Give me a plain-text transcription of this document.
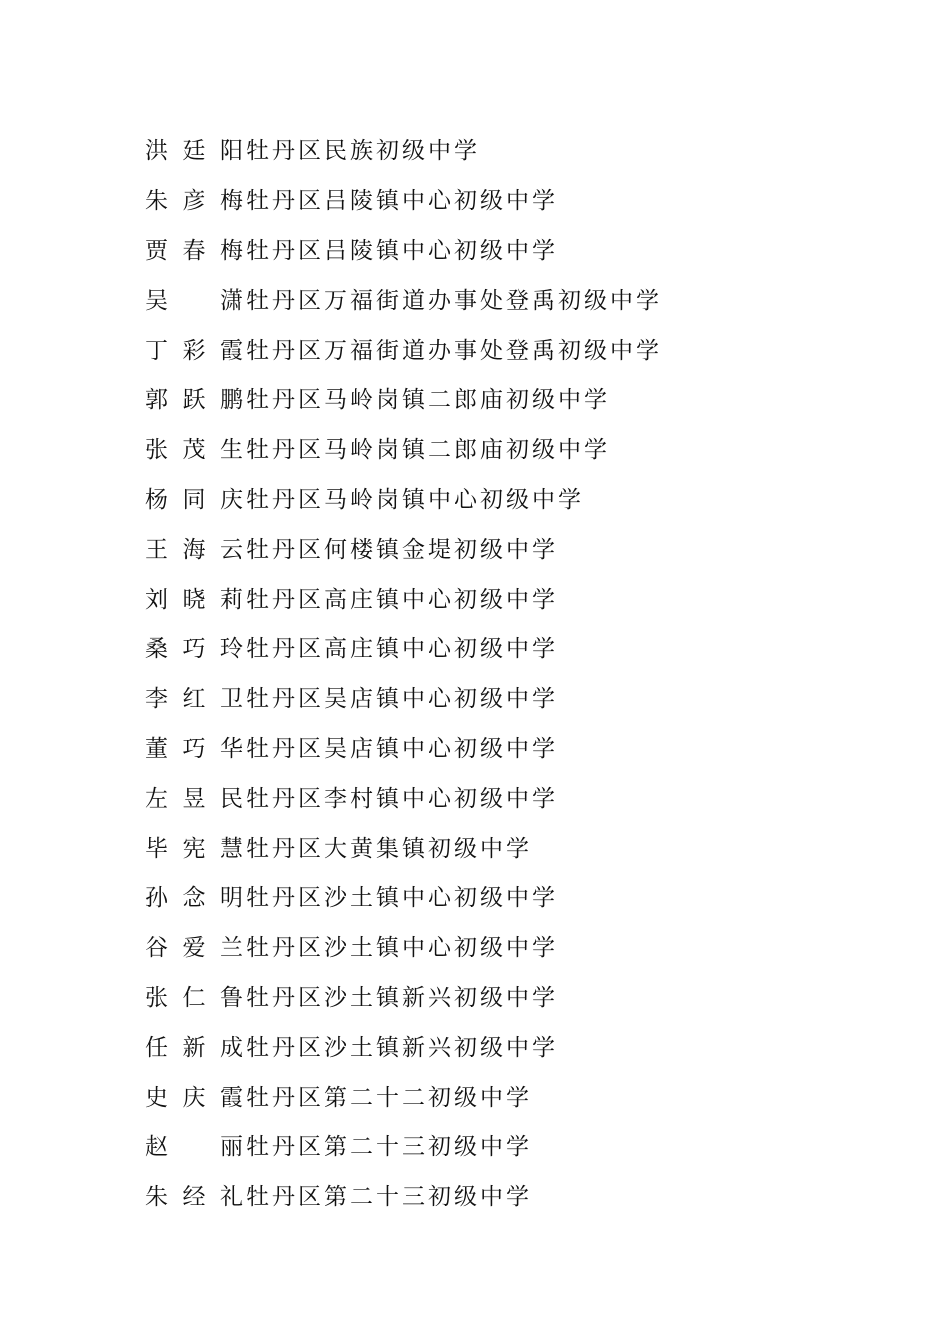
洪廷阳 牡丹区民族初级中学
朱彦梅 牡丹区吕陵镇中心初级中学
贾春梅 牡丹区吕陵镇中心初级中学
吴　潇 牡丹区万福街道办事处登禹初级中学
丁彩霞 牡丹区万福街道办事处登禹初级中学
郭跃鹏 牡丹区马岭岗镇二郎庙初级中学
张茂生 牡丹区马岭岗镇二郎庙初级中学
杨同庆 牡丹区马岭岗镇中心初级中学
王海云 牡丹区何楼镇金堤初级中学
刘晓莉 牡丹区高庄镇中心初级中学
桑巧玲 牡丹区高庄镇中心初级中学
李红卫 牡丹区吴店镇中心初级中学
董巧华 牡丹区吴店镇中心初级中学
左昱民 牡丹区李村镇中心初级中学
毕宪慧 牡丹区大黄集镇初级中学
孙念明 牡丹区沙土镇中心初级中学
谷爱兰 牡丹区沙土镇中心初级中学
张仁鲁 牡丹区沙土镇新兴初级中学
任新成 牡丹区沙土镇新兴初级中学
史庆霞 牡丹区第二十二初级中学
赵　丽 牡丹区第二十三初级中学
朱经礼 牡丹区第二十三初级中学
